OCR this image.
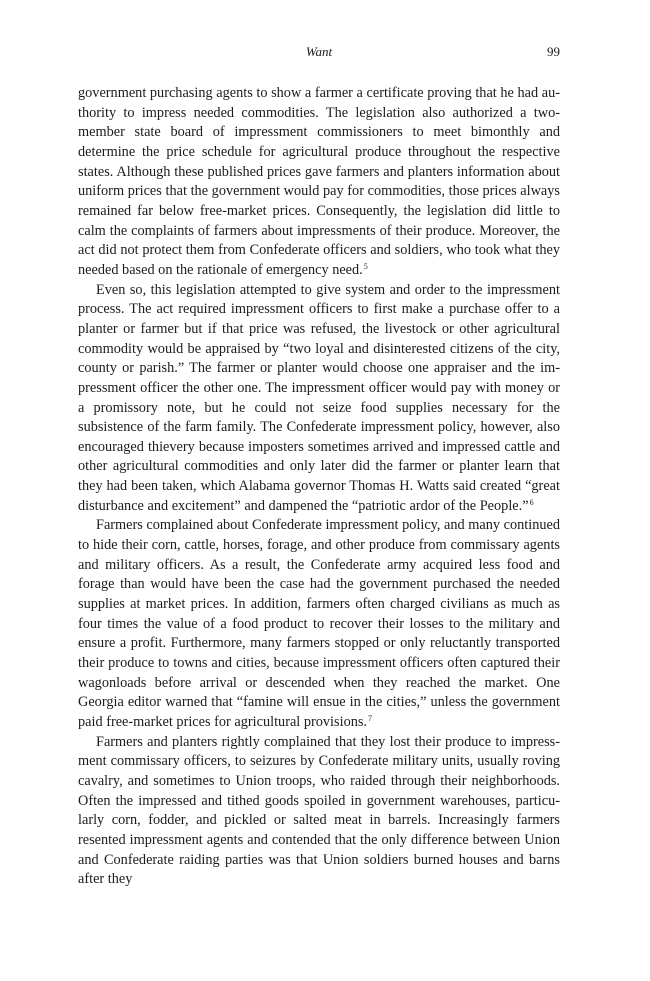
Want	99

government purchasing agents to show a farmer a certificate proving that he had authority to impress needed commodities. The legislation also authorized a two-member state board of impressment commissioners to meet bimonthly and determine the price schedule for agricultural produce throughout the respective states. Although these published prices gave farmers and planters information about uniform prices that the government would pay for commodities, those prices always remained far below free-market prices. Consequently, the legislation did little to calm the complaints of farmers about impressments of their produce. Moreover, the act did not protect them from Confederate officers and soldiers, who took what they needed based on the rationale of emergency need.$^5$

Even so, this legislation attempted to give system and order to the impressment process. The act required impressment officers to first make a purchase offer to a planter or farmer but if that price was refused, the livestock or other agricultural commodity would be appraised by “two loyal and disinterested citizens of the city, county or parish.” The farmer or planter would choose one appraiser and the impressment officer the other one. The impressment officer would pay with money or a promissory note, but he could not seize food supplies necessary for the subsistence of the farm family. The Confederate impressment policy, however, also encouraged thievery because imposters sometimes arrived and impressed cattle and other agricultural commodities and only later did the farmer or planter learn that they had been taken, which Alabama governor Thomas H. Watts said created “great disturbance and excitement” and dampened the “patriotic ardor of the People.”$^6$

Farmers complained about Confederate impressment policy, and many continued to hide their corn, cattle, horses, forage, and other produce from commissary agents and military officers. As a result, the Confederate army acquired less food and forage than would have been the case had the government purchased the needed supplies at market prices. In addition, farmers often charged civilians as much as four times the value of a food product to recover their losses to the military and ensure a profit. Furthermore, many farmers stopped or only reluctantly transported their produce to towns and cities, because impressment officers often captured their wagonloads before arrival or descended when they reached the market. One Georgia editor warned that “famine will ensue in the cities,” unless the government paid free-market prices for agricultural provisions.$^7$

Farmers and planters rightly complained that they lost their produce to impressment commissary officers, to seizures by Confederate military units, usually roving cavalry, and sometimes to Union troops, who raided through their neighborhoods. Often the impressed and tithed goods spoiled in government warehouses, particularly corn, fodder, and pickled or salted meat in barrels. Increasingly farmers resented impressment agents and contended that the only difference between Union and Confederate raiding parties was that Union soldiers burned houses and barns after they
